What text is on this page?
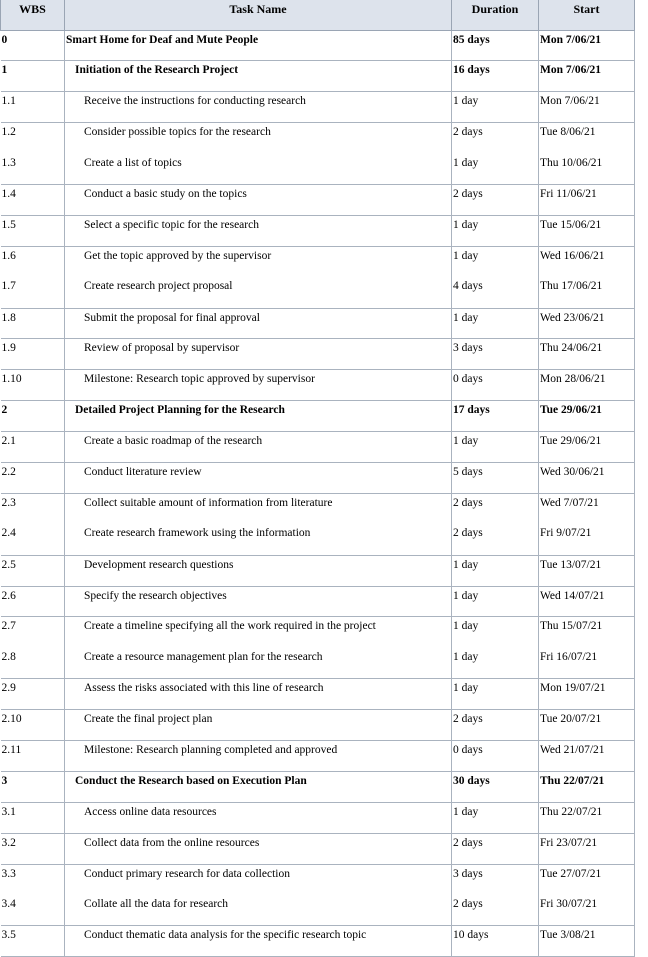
WBS	Task Name	Duration	Start
0	Smart Home for Deaf and Mute People	85 days	Mon 7/06/21
1	Initiation of the Research Project	16 days	Mon 7/06/21
1.1	Receive the instructions for conducting research	1 day	Mon 7/06/21
1.2	Consider possible topics for the research	2 days	Tue 8/06/21
1.3	Create a list of topics	1 day	Thu 10/06/21
1.4	Conduct a basic study on the topics	2 days	Fri 11/06/21
1.5	Select a specific topic for the research	1 day	Tue 15/06/21
1.6	Get the topic approved by the supervisor	1 day	Wed 16/06/21
1.7	Create research project proposal	4 days	Thu 17/06/21
1.8	Submit the proposal for final approval	1 day	Wed 23/06/21
1.9	Review of proposal by supervisor	3 days	Thu 24/06/21
1.10	Milestone: Research topic approved by supervisor	0 days	Mon 28/06/21
2	Detailed Project Planning for the Research	17 days	Tue 29/06/21
2.1	Create a basic roadmap of the research	1 day	Tue 29/06/21
2.2	Conduct literature review	5 days	Wed 30/06/21
2.3	Collect suitable amount of information from literature	2 days	Wed 7/07/21
2.4	Create research framework using the information	2 days	Fri 9/07/21
2.5	Development research questions	1 day	Tue 13/07/21
2.6	Specify the research objectives	1 day	Wed 14/07/21
2.7	Create a timeline specifying all the work required in the project	1 day	Thu 15/07/21
2.8	Create a resource management plan for the research	1 day	Fri 16/07/21
2.9	Assess the risks associated with this line of research	1 day	Mon 19/07/21
2.10	Create the final project plan	2 days	Tue 20/07/21
2.11	Milestone: Research planning completed and approved	0 days	Wed 21/07/21
3	Conduct the Research based on Execution Plan	30 days	Thu 22/07/21
3.1	Access online data resources	1 day	Thu 22/07/21
3.2	Collect data from the online resources	2 days	Fri 23/07/21
3.3	Conduct primary research for data collection	3 days	Tue 27/07/21
3.4	Collate all the data for research	2 days	Fri 30/07/21
3.5	Conduct thematic data analysis for the specific research topic	10 days	Tue 3/08/21
